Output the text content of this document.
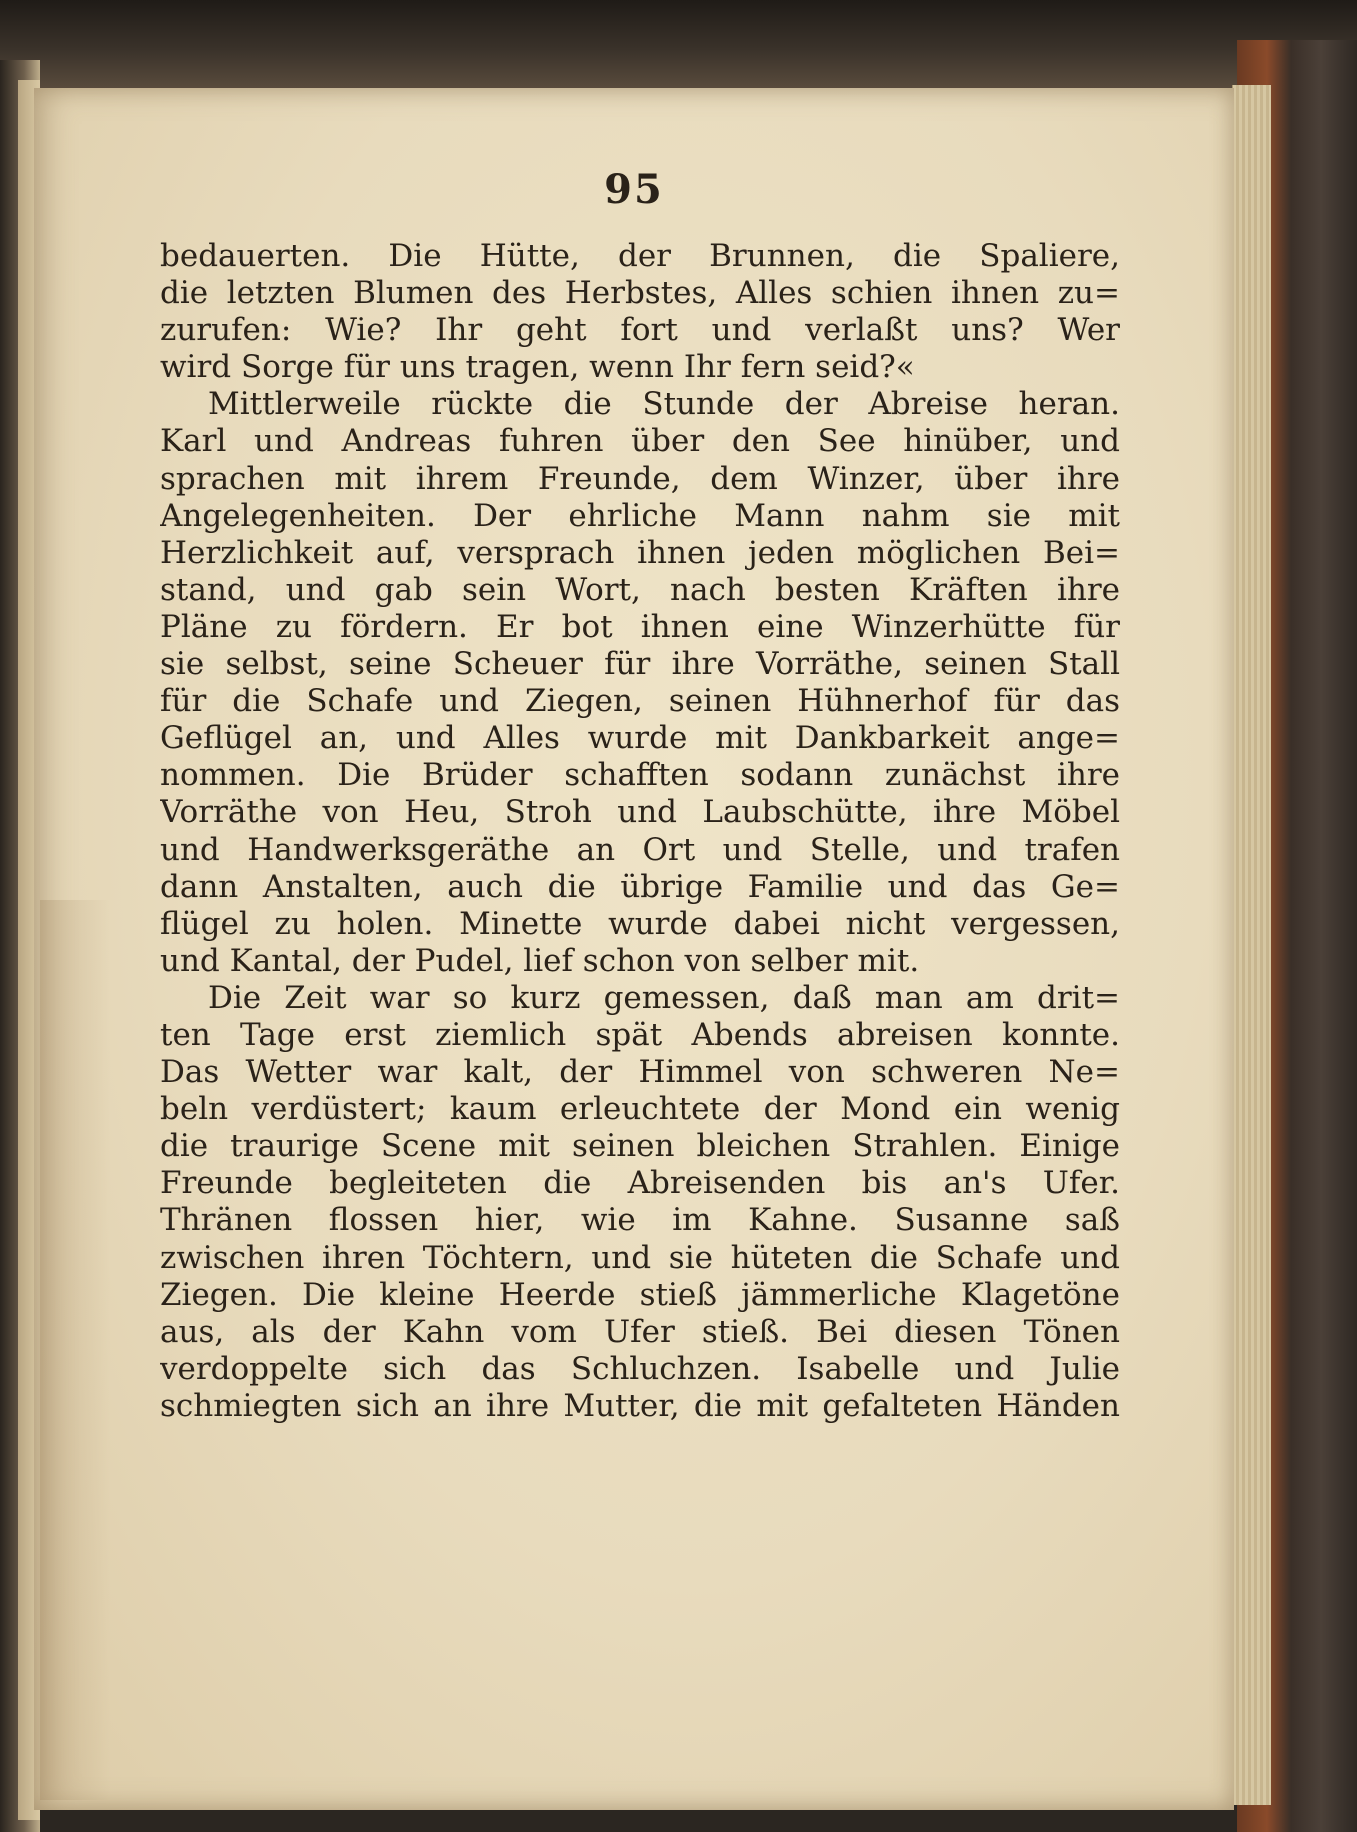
95
bedauerten. Die Hütte, der Brunnen, die Spaliere,
die letzten Blumen des Herbstes, Alles schien ihnen zu=
zurufen: Wie? Ihr geht fort und verlaßt uns? Wer
wird Sorge für uns tragen, wenn Ihr fern seid?«
Mittlerweile rückte die Stunde der Abreise heran.
Karl und Andreas fuhren über den See hinüber, und
sprachen mit ihrem Freunde, dem Winzer, über ihre
Angelegenheiten. Der ehrliche Mann nahm sie mit
Herzlichkeit auf, versprach ihnen jeden möglichen Bei=
stand, und gab sein Wort, nach besten Kräften ihre
Pläne zu fördern. Er bot ihnen eine Winzerhütte für
sie selbst, seine Scheuer für ihre Vorräthe, seinen Stall
für die Schafe und Ziegen, seinen Hühnerhof für das
Geflügel an, und Alles wurde mit Dankbarkeit ange=
nommen. Die Brüder schafften sodann zunächst ihre
Vorräthe von Heu, Stroh und Laubschütte, ihre Möbel
und Handwerksgeräthe an Ort und Stelle, und trafen
dann Anstalten, auch die übrige Familie und das Ge=
flügel zu holen. Minette wurde dabei nicht vergessen,
und Kantal, der Pudel, lief schon von selber mit.
Die Zeit war so kurz gemessen, daß man am drit=
ten Tage erst ziemlich spät Abends abreisen konnte.
Das Wetter war kalt, der Himmel von schweren Ne=
beln verdüstert; kaum erleuchtete der Mond ein wenig
die traurige Scene mit seinen bleichen Strahlen. Einige
Freunde begleiteten die Abreisenden bis an's Ufer.
Thränen flossen hier, wie im Kahne. Susanne saß
zwischen ihren Töchtern, und sie hüteten die Schafe und
Ziegen. Die kleine Heerde stieß jämmerliche Klagetöne
aus, als der Kahn vom Ufer stieß. Bei diesen Tönen
verdoppelte sich das Schluchzen. Isabelle und Julie
schmiegten sich an ihre Mutter, die mit gefalteten Händen
